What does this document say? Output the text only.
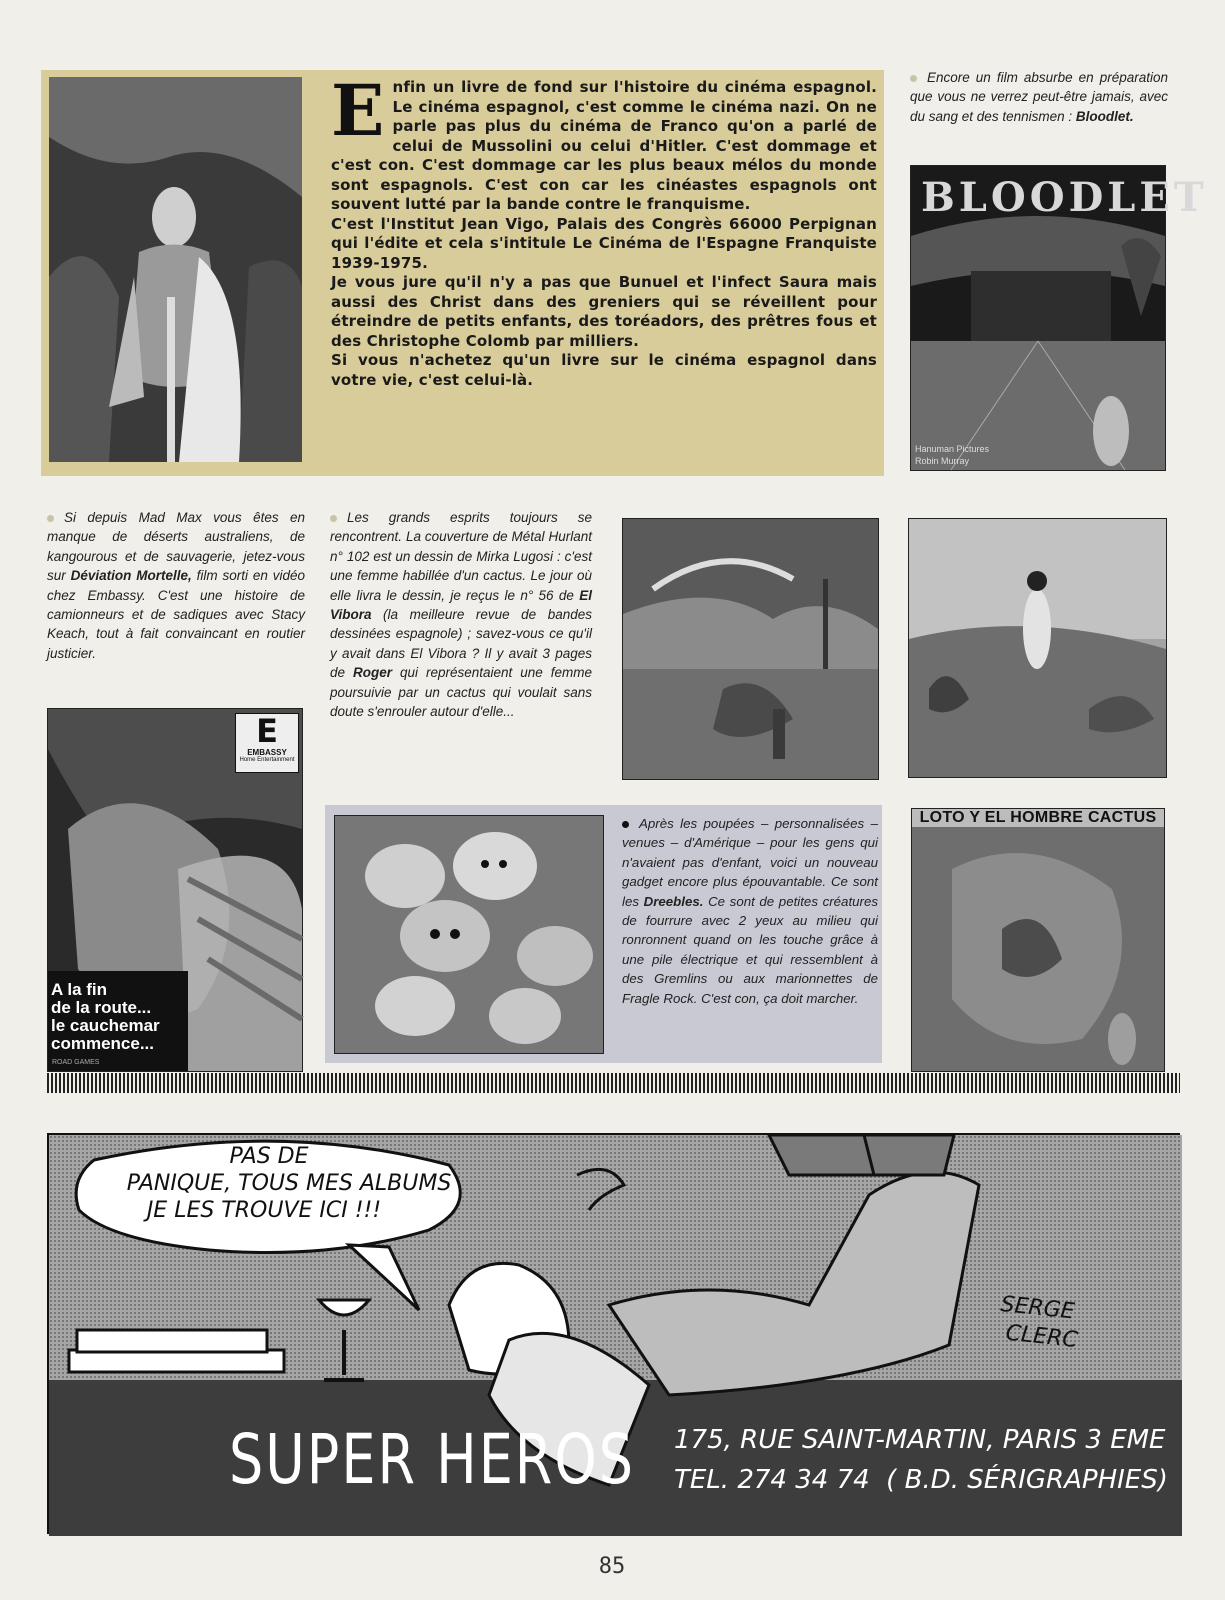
Enfin un livre de fond sur l'histoire du cinéma espagnol. Le cinéma espagnol, c'est comme le cinéma nazi. On ne parle pas plus du cinéma de Franco qu'on a parlé de celui de Mussolini ou celui d'Hitler. C'est dommage et c'est con. C'est dommage car les plus beaux mélos du monde sont espagnols. C'est con car les cinéastes espagnols ont souvent lutté par la bande contre le franquisme.

C'est l'Institut Jean Vigo, Palais des Congrès 66000 Perpignan qui l'édite et cela s'intitule Le Cinéma de l'Espagne Franquiste 1939-1975.

Je vous jure qu'il n'y a pas que Bunuel et l'infect Saura mais aussi des Christ dans des greniers qui se réveillent pour étreindre de petits enfants, des toréadors, des prêtres fous et des Christophe Colomb par milliers.

Si vous n'achetez qu'un livre sur le cinéma espagnol dans votre vie, c'est celui-là.

Encore un film absurbe en préparation que vous ne verrez peut-être jamais, avec du sang et des tennismen : Bloodlet.
BLOODLET
Hanuman Pictures
Robin Murray
Si depuis Mad Max vous êtes en manque de déserts australiens, de kangourous et de sauvagerie, jetez-vous sur Déviation Mortelle, film sorti en vidéo chez Embassy. C'est une histoire de camionneurs et de sadiques avec Stacy Keach, tout à fait convaincant en routier justicier.
E
EMBASSY
Home Entertainment
A la fin
de la route...
le cauchemar
commence...
ROAD GAMES
Les grands esprits toujours se rencontrent. La couverture de Métal Hurlant n° 102 est un dessin de Mirka Lugosi : c'est une femme habillée d'un cactus. Le jour où elle livra le dessin, je reçus le n° 56 de El Vibora (la meilleure revue de bandes dessinées espagnole) ; savez-vous ce qu'il y avait dans El Vibora ? Il y avait 3 pages de Roger qui représentaient une femme poursuivie par un cactus qui voulait sans doute s'enrouler autour d'elle...
Après les poupées – personnalisées – venues – d'Amérique – pour les gens qui n'avaient pas d'enfant, voici un nouveau gadget encore plus épouvantable. Ce sont les Dreebles. Ce sont de petites créatures de fourrure avec 2 yeux au milieu qui ronronnent quand on les touche grâce à une pile électrique et qui ressemblent à des Gremlins ou aux marionnettes de Fragle Rock. C'est con, ça doit marcher.
LOTO Y EL HOMBRE CACTUS
PAS DE
PANIQUE, TOUS MES ALBUMS
JE LES TROUVE ICI !!!
SERGE
CLERC
SUPER HEROS 175, RUE SAINT-MARTIN, PARIS 3 EME
TEL. 274 34 74  ( B.D. SÉRIGRAPHIES)
85
